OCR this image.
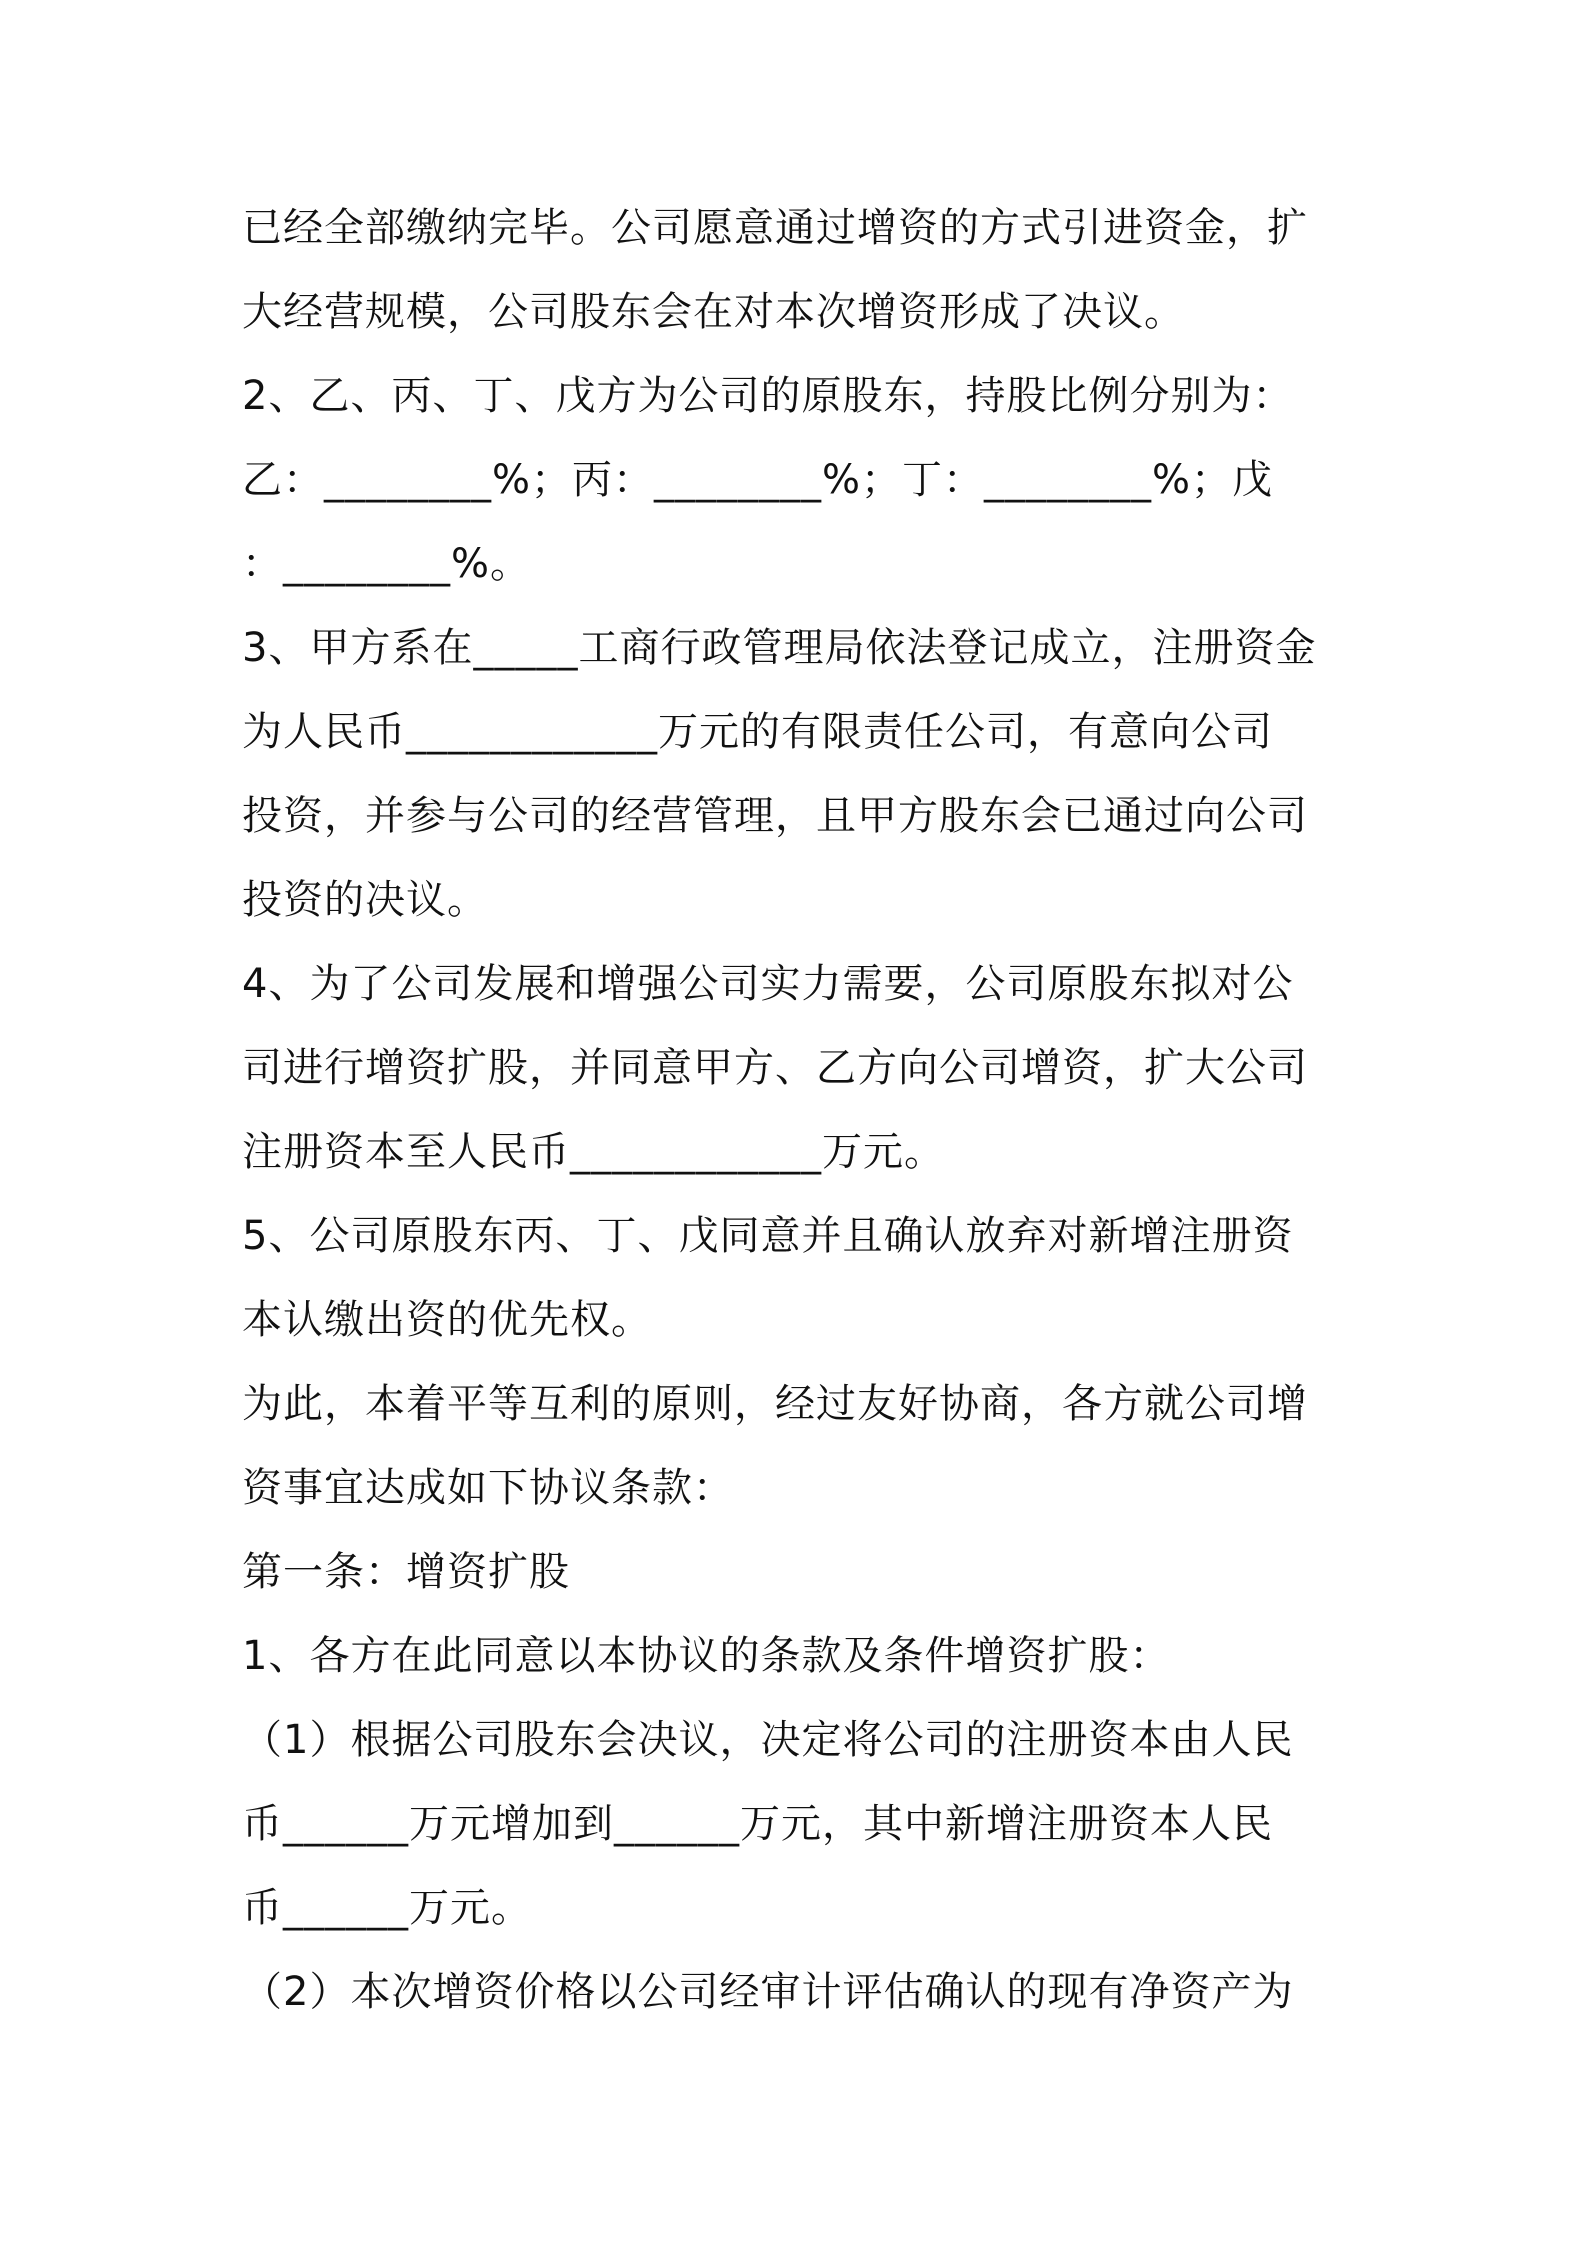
已经全部缴纳完毕。公司愿意通过增资的方式引进资金，扩
大经营规模，公司股东会在对本次增资形成了决议。
2、乙、丙、丁、戊方为公司的原股东，持股比例分别为：
乙：________%；丙：________%；丁：________%；戊
：________%。
3、甲方系在_____工商行政管理局依法登记成立，注册资金
为人民币____________万元的有限责任公司，有意向公司
投资，并参与公司的经营管理，且甲方股东会已通过向公司
投资的决议。
4、为了公司发展和增强公司实力需要，公司原股东拟对公
司进行增资扩股，并同意甲方、乙方向公司增资，扩大公司
注册资本至人民币____________万元。
5、公司原股东丙、丁、戊同意并且确认放弃对新增注册资
本认缴出资的优先权。
为此，本着平等互利的原则，经过友好协商，各方就公司增
资事宜达成如下协议条款：
第一条：增资扩股
1、各方在此同意以本协议的条款及条件增资扩股：
（1）根据公司股东会决议，决定将公司的注册资本由人民
币______万元增加到______万元，其中新增注册资本人民
币______万元。
（2）本次增资价格以公司经审计评估确认的现有净资产为
